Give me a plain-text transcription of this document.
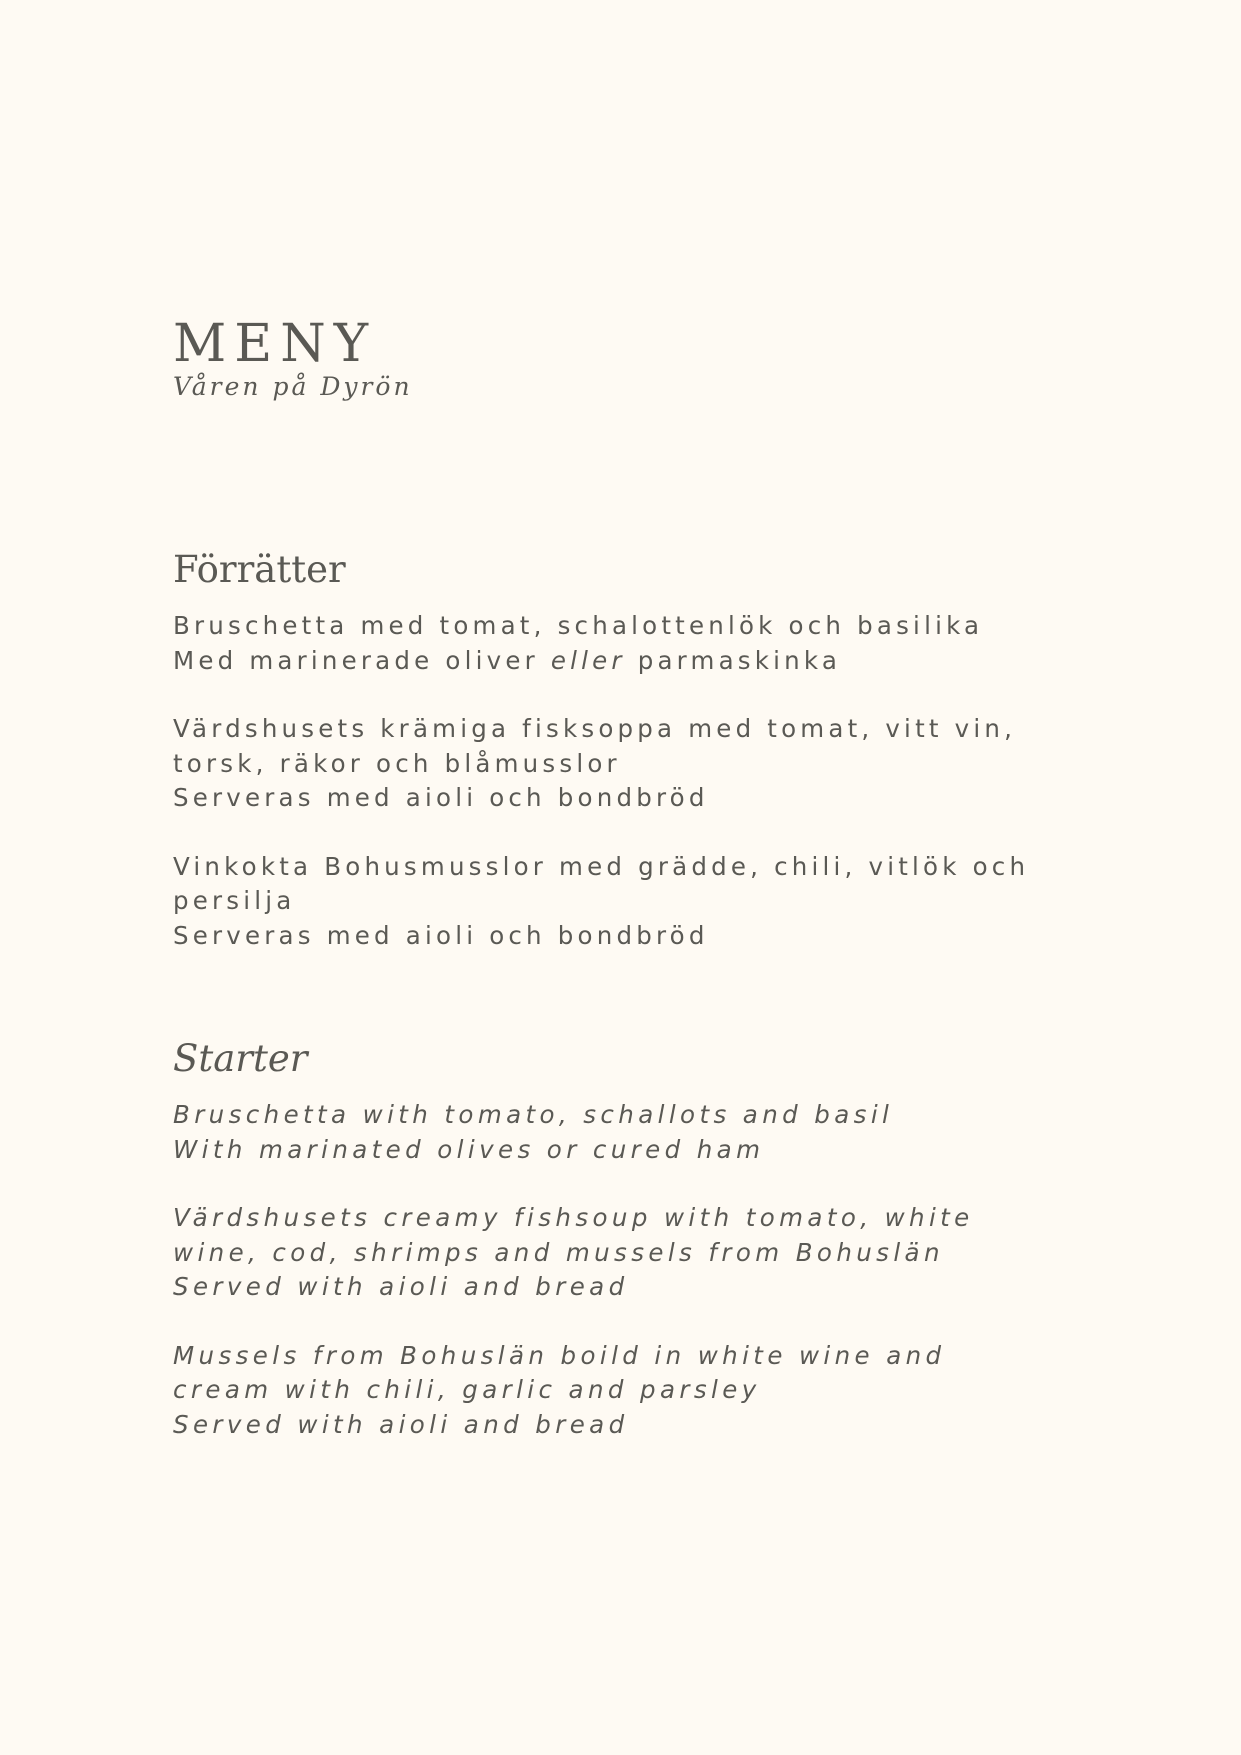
MENY
Våren på Dyrön
Förrätter
Bruschetta med tomat, schalottenlök och basilika
Med marinerade oliver eller parmaskinka
Värdshusets krämiga fisksoppa med tomat, vitt vin,
torsk, räkor och blåmusslor
Serveras med aioli och bondbröd
Vinkokta Bohusmusslor med grädde, chili, vitlök och
persilja
Serveras med aioli och bondbröd
Starter
Bruschetta with tomato, schallots and basil
With marinated olives or cured ham
Värdshusets creamy fishsoup with tomato, white
wine, cod, shrimps and mussels from Bohuslän
Served with aioli and bread
Mussels from Bohuslän boild in white wine and
cream with chili, garlic and parsley
Served with aioli and bread
